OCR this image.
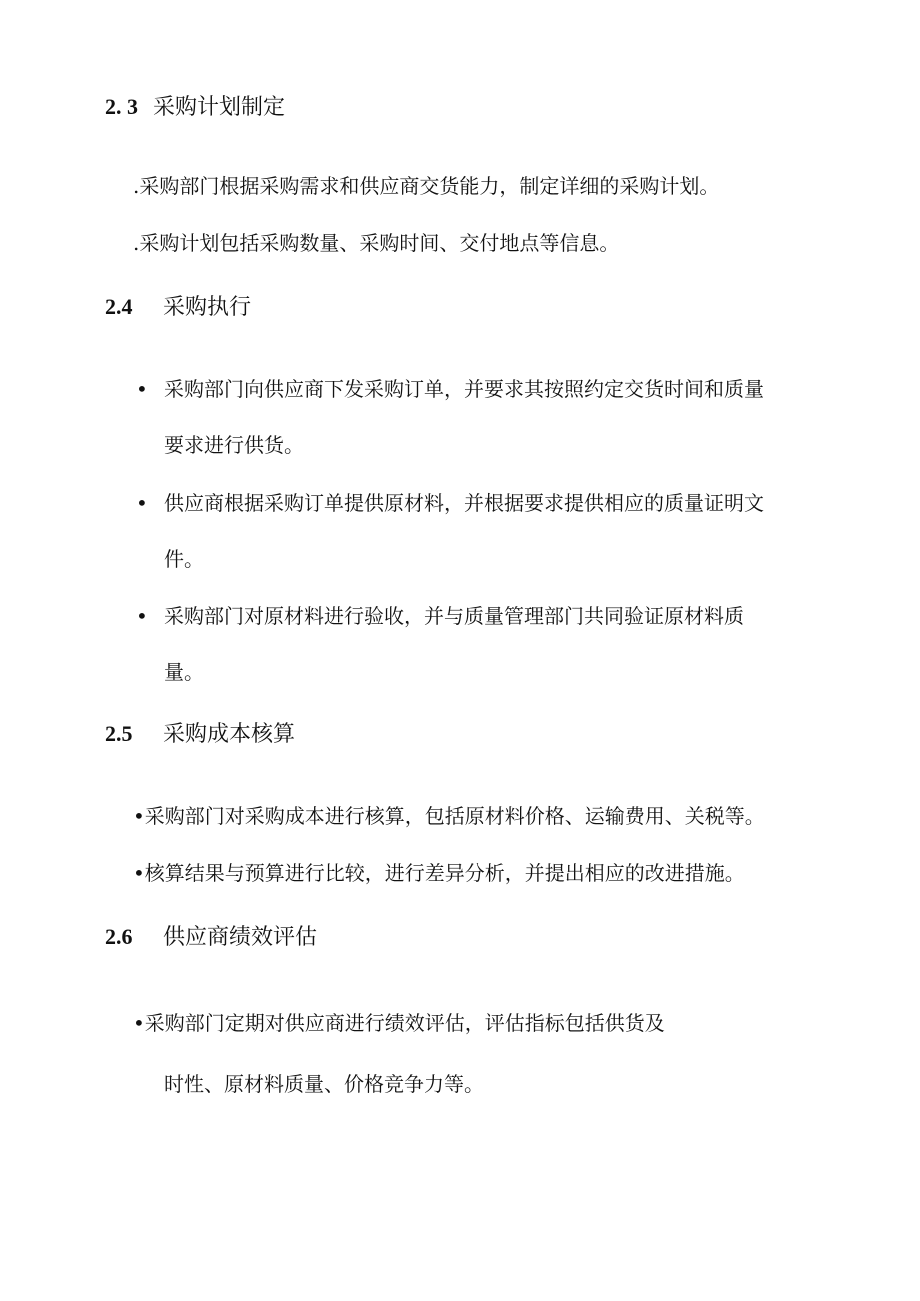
2. 3 采购计划制定
.采购部门根据采购需求和供应商交货能力，制定详细的采购计划。
.采购计划包括采购数量、采购时间、交付地点等信息。
2.4 采购执行
• 采购部门向供应商下发采购订单，并要求其按照约定交货时间和质量
要求进行供货。
• 供应商根据采购订单提供原材料，并根据要求提供相应的质量证明文
件。
• 采购部门对原材料进行验收，并与质量管理部门共同验证原材料质
量。
2.5 采购成本核算
•采购部门对采购成本进行核算，包括原材料价格、运输费用、关税等。
•核算结果与预算进行比较，进行差异分析，并提出相应的改进措施。
2.6 供应商绩效评估
•采购部门定期对供应商进行绩效评估，评估指标包括供货及
时性、原材料质量、价格竞争力等。
